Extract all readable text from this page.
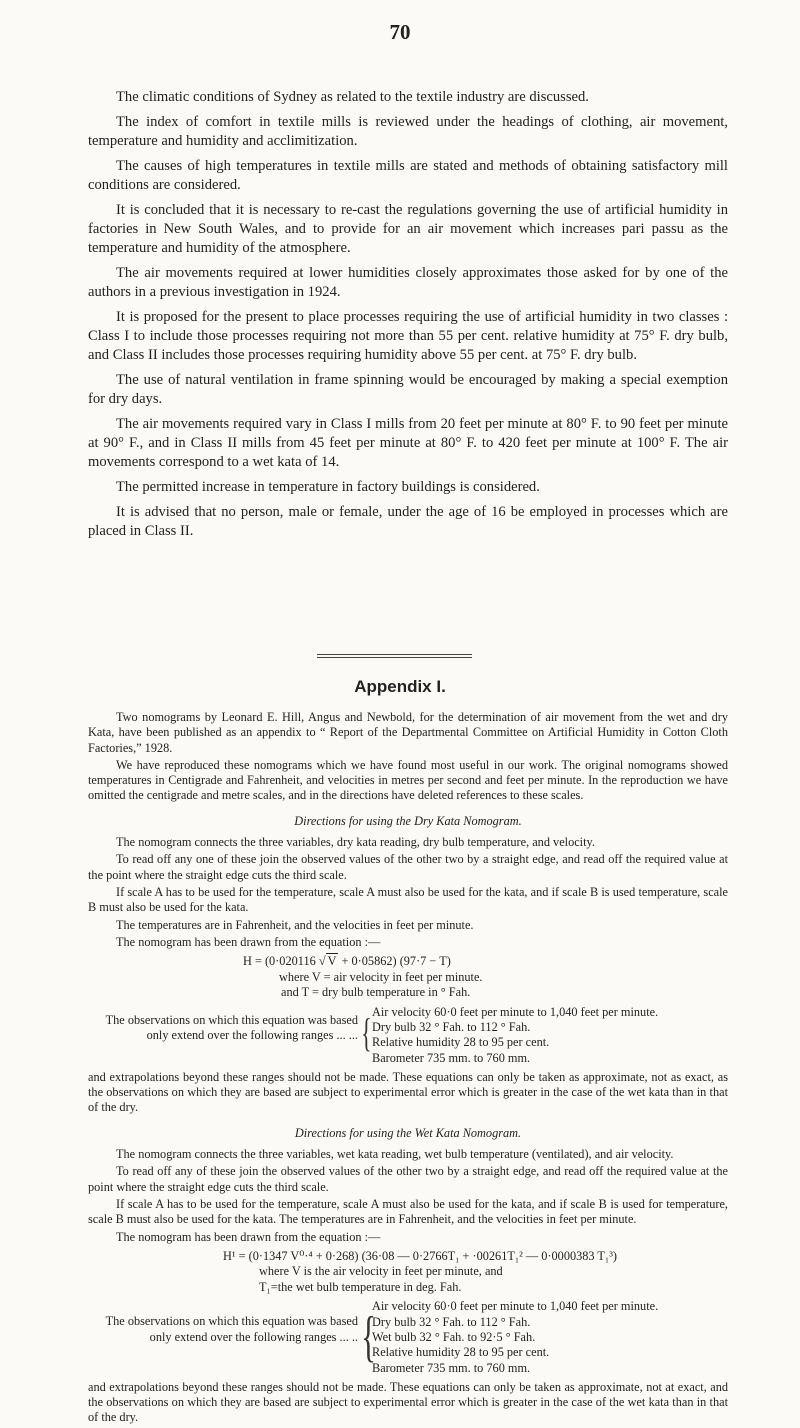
70

The climatic conditions of Sydney as related to the textile industry are discussed.

The index of comfort in textile mills is reviewed under the headings of clothing, air movement, temperature and humidity and acclimitization.

The causes of high temperatures in textile mills are stated and methods of obtaining satisfactory mill conditions are considered.

It is concluded that it is necessary to re-cast the regulations governing the use of artificial humidity in factories in New South Wales, and to provide for an air movement which increases pari passu as the temperature and humidity of the atmosphere.

The air movements required at lower humidities closely approximates those asked for by one of the authors in a previous investigation in 1924.

It is proposed for the present to place processes requiring the use of artificial humidity in two classes : Class I to include those processes requiring not more than 55 per cent. relative humidity at 75° F. dry bulb, and Class II includes those processes requiring humidity above 55 per cent. at 75° F. dry bulb.

The use of natural ventilation in frame spinning would be encouraged by making a special exemption for dry days.

The air movements required vary in Class I mills from 20 feet per minute at 80° F. to 90 feet per minute at 90° F., and in Class II mills from 45 feet per minute at 80° F. to 420 feet per minute at 100° F. The air movements correspond to a wet kata of 14.

The permitted increase in temperature in factory buildings is considered.

It is advised that no person, male or female, under the age of 16 be employed in processes which are placed in Class II.

Appendix I.

Two nomograms by Leonard E. Hill, Angus and Newbold, for the determination of air movement from the wet and dry Kata, have been published as an appendix to “ Report of the Departmental Committee on Artificial Humidity in Cotton Cloth Factories,” 1928.

We have reproduced these nomograms which we have found most useful in our work. The original nomograms showed temperatures in Centigrade and Fahrenheit, and velocities in metres per second and feet per minute. In the reproduction we have omitted the centigrade and metre scales, and in the directions have deleted references to these scales.

Directions for using the Dry Kata Nomogram.

The nomogram connects the three variables, dry kata reading, dry bulb temperature, and velocity.

To read off any one of these join the observed values of the other two by a straight edge, and read off the required value at the point where the straight edge cuts the third scale.

If scale A has to be used for the temperature, scale A must also be used for the kata, and if scale B is used temperature, scale B must also be used for the kata.

The temperatures are in Fahrenheit, and the velocities in feet per minute.

The nomogram has been drawn from the equation :—

H = (0·020116 √ V + 0·05862) (97·7 − T)
where V = air velocity in feet per minute.
and T = dry bulb temperature in ° Fah.
The observations on which this equation was based
only extend over the following ranges ... ... { Air velocity 60·0 feet per minute to 1,040 feet per minute.
Dry bulb 32 ° Fah. to 112 ° Fah.
Relative humidity 28 to 95 per cent.
Barometer 735 mm. to 760 mm.

and extrapolations beyond these ranges should not be made. These equations can only be taken as approximate, not as exact, as the observations on which they are based are subject to experimental error which is greater in the case of the wet kata than in that of the dry.

Directions for using the Wet Kata Nomogram.

The nomogram connects the three variables, wet kata reading, wet bulb temperature (ventilated), and air velocity.

To read off any of these join the observed values of the other two by a straight edge, and read off the required value at the point where the straight edge cuts the third scale.

If scale A has to be used for the temperature, scale A must also be used for the kata, and if scale B is used for temperature, scale B must also be used for the kata. The temperatures are in Fahrenheit, and the velocities in feet per minute.

The nomogram has been drawn from the equation :—

H¹ = (0·1347 V⁰·⁴ + 0·268) (36·08 — 0·2766T₁ + ·00261T₁² — 0·0000383 T₁³)
where V is the air velocity in feet per minute, and
T₁=the wet bulb temperature in deg. Fah.
The observations on which this equation was based
only extend over the following ranges ... .. {
Air velocity 60·0 feet per minute to 1,040 feet per minute.
Dry bulb 32 ° Fah. to 112 ° Fah.
Wet bulb 32 ° Fah. to 92·5 ° Fah.
Relative humidity 28 to 95 per cent.
Barometer 735 mm. to 760 mm.

and extrapolations beyond these ranges should not be made. These equations can only be taken as approximate, not at exact, and the observations on which they are based are subject to experimental error which is greater in the case of the wet kata than in that of the dry.
